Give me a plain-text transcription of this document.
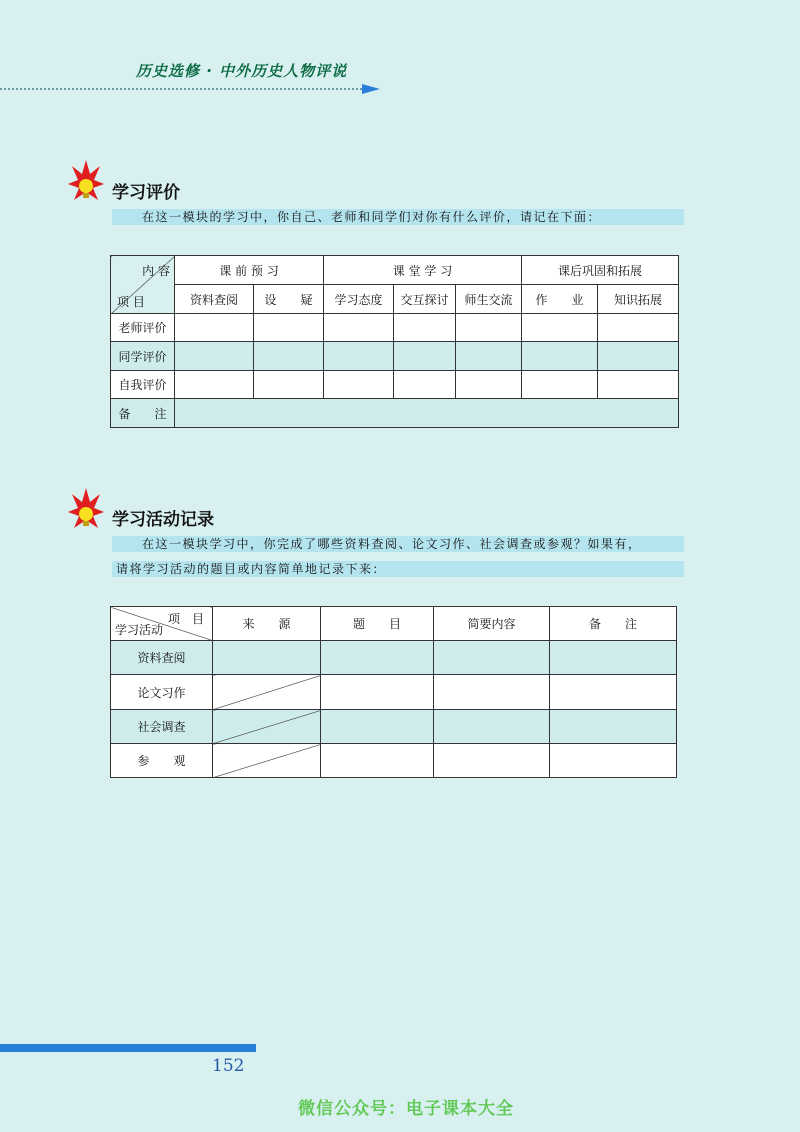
历史选修 · 中外历史人物评说
学习评价
在这一模块的学习中，你自己、老师和同学们对你有什么评价，请记在下面：
内 容
项 目	课 前 预 习		课 堂 学 习			课后巩固和拓展	
	资料查阅	设　　疑	学习态度	交互探讨	师生交流	作　　业	知识拓展
老师评价							
同学评价							
自我评价							
备　　注							
学习活动记录
在这一模块学习中，你完成了哪些资料查阅、论文习作、社会调查或参观？如果有，
请将学习活动的题目或内容简单地记录下来：
项　目
学习活动	来　　源	题　　目	简要内容	备　　注
资料查阅				
论文习作				
社会调查				
参　　观				
152
微信公众号：电子课本大全
